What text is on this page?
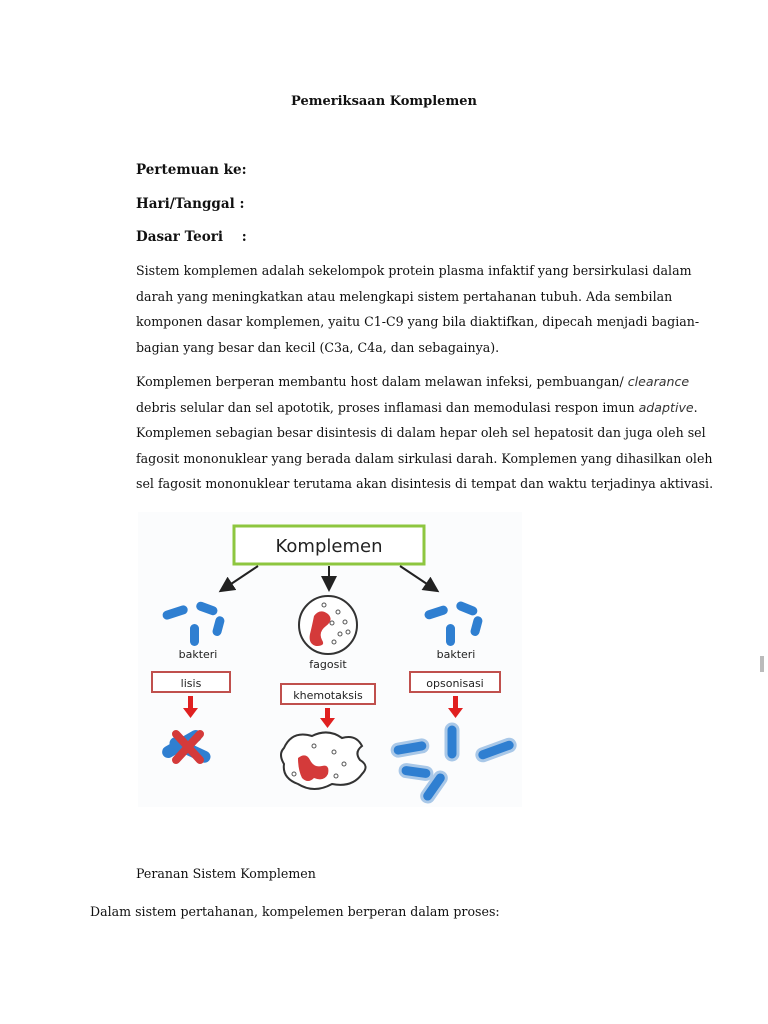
Pemeriksaan Komplemen
Pertemuan ke:
Hari/Tanggal :
Dasar Teori    :

Sistem komplemen adalah sekelompok protein plasma infaktif yang bersirkulasi dalam
darah yang meningkatkan atau melengkapi sistem pertahanan tubuh. Ada sembilan
komponen dasar komplemen, yaitu C1-C9 yang bila diaktifkan, dipecah menjadi bagian-
bagian yang besar dan kecil (C3a, C4a, dan sebagainya).

Komplemen berperan membantu host dalam melawan infeksi, pembuangan/ clearance
debris selular dan sel apototik, proses inflamasi dan memodulasi respon imun adaptive.
Komplemen sebagian besar disintesis di dalam hepar oleh sel hepatosit dan juga oleh sel
fagosit mononuklear yang berada dalam sirkulasi darah. Komplemen yang dihasilkan oleh
sel fagosit mononuklear terutama akan disintesis di tempat dan waktu terjadinya aktivasi.

Komplemen
bakteri
fagosit
bakteri
lisis
khemotaksis
opsonisasi
Peranan Sistem Komplemen
Dalam sistem pertahanan, kompelemen berperan dalam proses:
